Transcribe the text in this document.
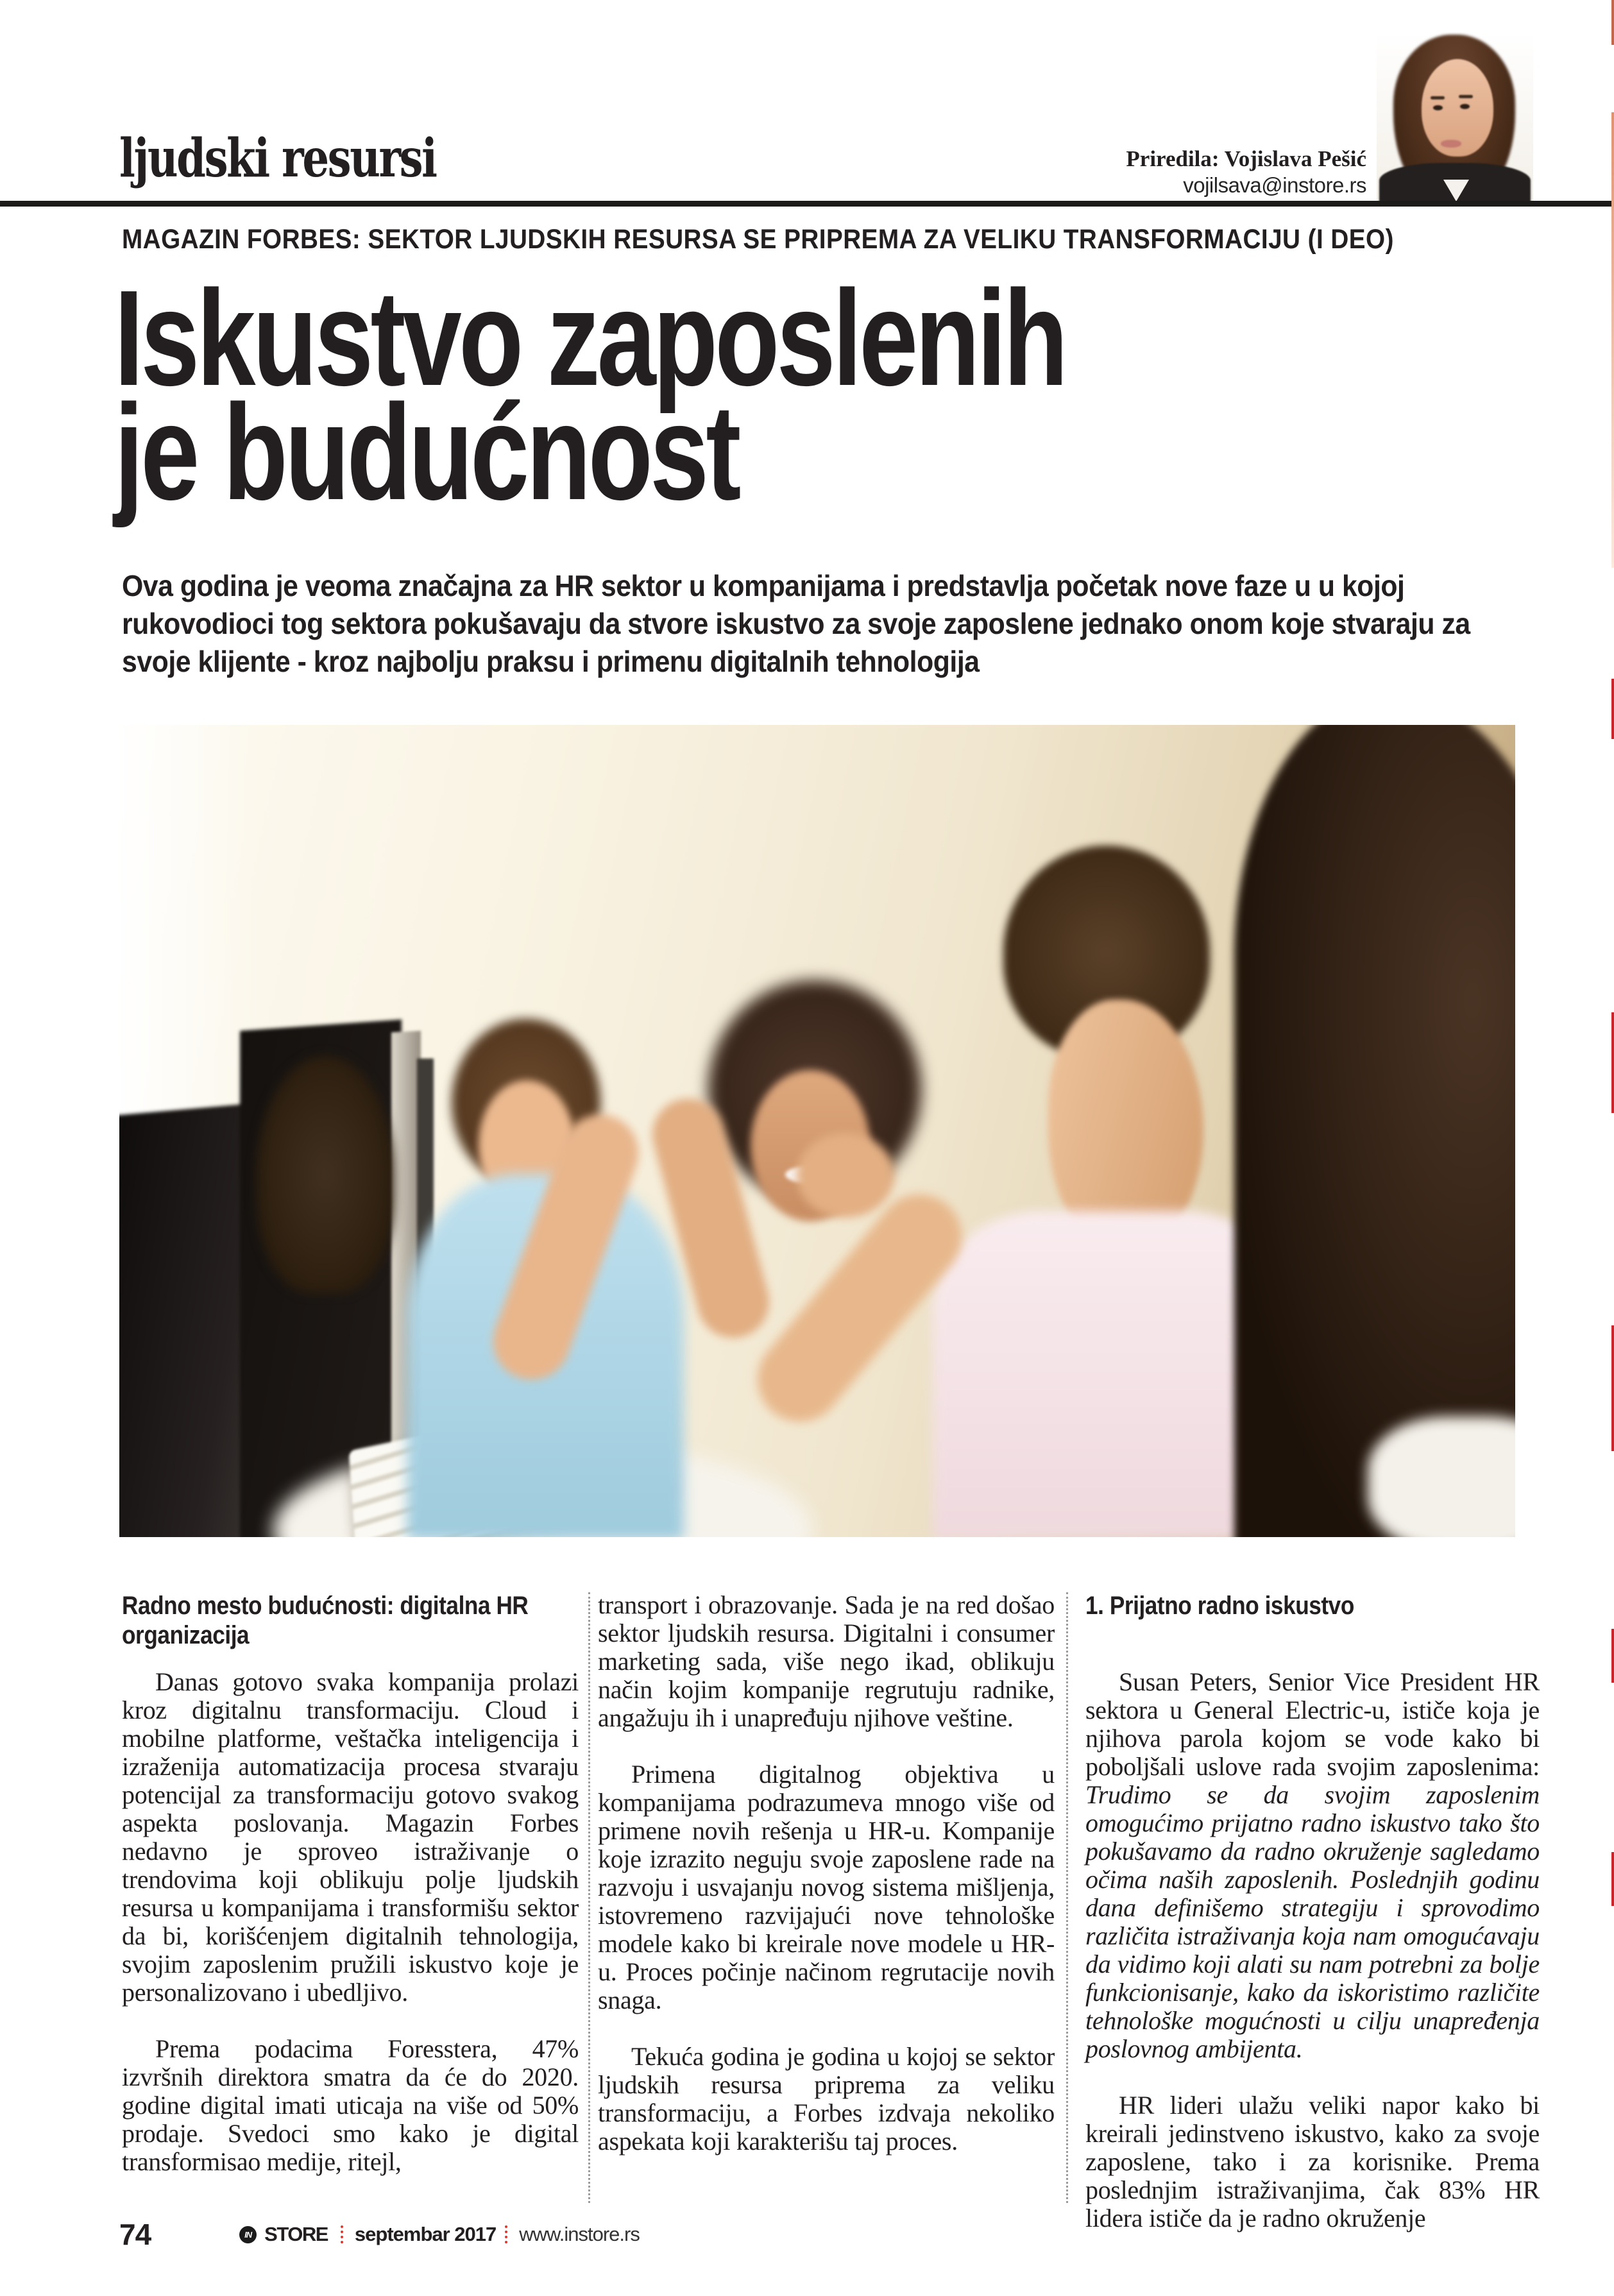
ljudski resursi	Priredila: Vojislava Pešić
vojilsava@instore.rs
MAGAZIN FORBES: SEKTOR LJUDSKIH RESURSA SE PRIPREMA ZA VELIKU TRANSFORMACIJU (I DEO)
Iskustvo zaposlenih
je budućnost
Ova godina je veoma značajna za HR sektor u kompanijama i predstavlja početak nove faze u u kojoj rukovodioci tog sektora pokušavaju da stvore iskustvo za svoje zaposlene jednako onom koje stvaraju za svoje klijente - kroz najbolju praksu i primenu digitalnih tehnologija
Radno mesto budućnosti: digitalna HR organizacija

Danas gotovo svaka kompanija prolazi kroz digitalnu transformaciju. Cloud i mobilne platforme, veštačka inteligencija i izraženija automatizacija procesa stvaraju potencijal za transformaciju gotovo svakog aspekta poslovanja. Magazin Forbes nedavno je sproveo istraživanje o trendovima koji oblikuju polje ljudskih resursa u kompanijama i transformišu sektor da bi, korišćenjem digitalnih tehnologija, svojim zaposlenim pružili iskustvo koje je personalizovano i ubedljivo.

Prema podacima Foresstera, 47% izvršnih direktora smatra da će do 2020. godine digital imati uticaja na više od 50% prodaje. Svedoci smo kako je digital transformisao medije, ritejl,

transport i obrazovanje. Sada je na red došao sektor ljudskih resursa. Digitalni i consumer marketing sada, više nego ikad, oblikuju način kojim kompanije regrutuju radnike, angažuju ih i unapređuju njihove veštine.

Primena digitalnog objektiva u kompanijama podrazumeva mnogo više od primene novih rešenja u HR-u. Kompanije koje izrazito neguju svoje zaposlene rade na razvoju i usvajanju novog sistema mišljenja, istovremeno razvijajući nove tehnološke modele kako bi kreirale nove modele u HR-u. Proces počinje načinom regrutacije novih snaga.

Tekuća godina je godina u kojoj se sektor ljudskih resursa priprema za veliku transformaciju, a Forbes izdvaja nekoliko aspekata koji karakterišu taj proces.

1. Prijatno radno iskustvo

Susan Peters, Senior Vice President HR sektora u General Electric-u, ističe koja je njihova parola kojom se vode kako bi poboljšali uslove rada svojim zaposlenima: Trudimo se da svojim zaposlenim omogućimo prijatno radno iskustvo tako što pokušavamo da radno okruženje sagledamo očima naših zaposlenih. Poslednjih godinu dana definišemo strategiju i sprovodimo različita istraživanja koja nam omogućavaju da vidimo koji alati su nam potrebni za bolje funkcionisanje, kako da iskoristimo različite tehnološke mogućnosti u cilju unapređenja poslovnog ambijenta.

HR lideri ulažu veliki napor kako bi kreirali jedinstveno iskustvo, kako za svoje zaposlene, tako i za korisnike. Prema poslednjim istraživanjima, čak 83% HR lidera ističe da je radno okruženje

74	IN STORE septembar 2017 www.instore.rs
